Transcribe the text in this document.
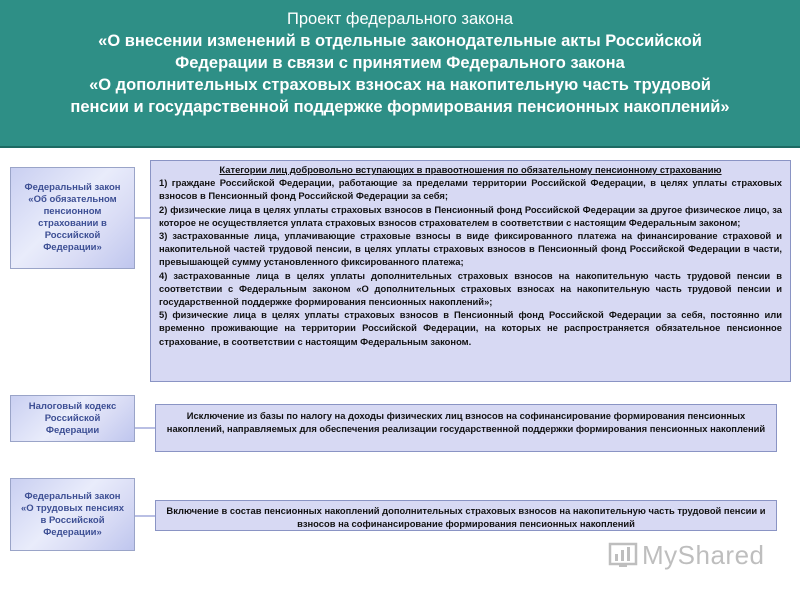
Проект федерального закона
«О внесении изменений в отдельные законодательные акты Российской
Федерации в связи с принятием Федерального закона
«О дополнительных страховых взносах на накопительную часть трудовой
пенсии и государственной поддержке формирования пенсионных накоплений»
Федеральный закон «Об обязательном пенсионном страховании в Российской Федерации»
Категории лиц добровольно вступающих в правоотношения по обязательному пенсионному страхованию
1) граждане Российской Федерации, работающие за пределами территории Российской Федерации, в целях уплаты страховых взносов в Пенсионный фонд Российской Федерации за себя;
2) физические лица в целях уплаты страховых взносов в Пенсионный фонд Российской Федерации за другое физическое лицо, за которое не осуществляется уплата страховых взносов страхователем в соответствии с настоящим Федеральным законом;
3) застрахованные лица, уплачивающие страховые взносы в виде фиксированного платежа на финансирование страховой и накопительной частей трудовой пенсии, в целях уплаты страховых взносов в Пенсионный фонд Российской Федерации в части, превышающей сумму установленного фиксированного платежа;
4) застрахованные лица в целях уплаты дополнительных страховых взносов на накопительную часть трудовой пенсии в соответствии с Федеральным законом «О дополнительных страховых взносах на накопительную часть трудовой пенсии и государственной поддержке формирования пенсионных накоплений»;
5) физические лица в целях уплаты страховых взносов в Пенсионный фонд Российской Федерации за себя, постоянно или временно проживающие на территории Российской Федерации, на которых не распространяется обязательное пенсионное страхование, в соответствии с настоящим Федеральным законом.
Налоговый кодекс Российской Федерации
Исключение из базы по налогу на доходы физических лиц взносов на софинансирование формирования пенсионных накоплений, направляемых для обеспечения реализации государственной поддержки формирования пенсионных накоплений
Федеральный закон «О трудовых пенсиях в Российской Федерации»
Включение в состав пенсионных накоплений дополнительных страховых взносов на накопительную часть трудовой пенсии и взносов на софинансирование формирования пенсионных накоплений
MyShared
